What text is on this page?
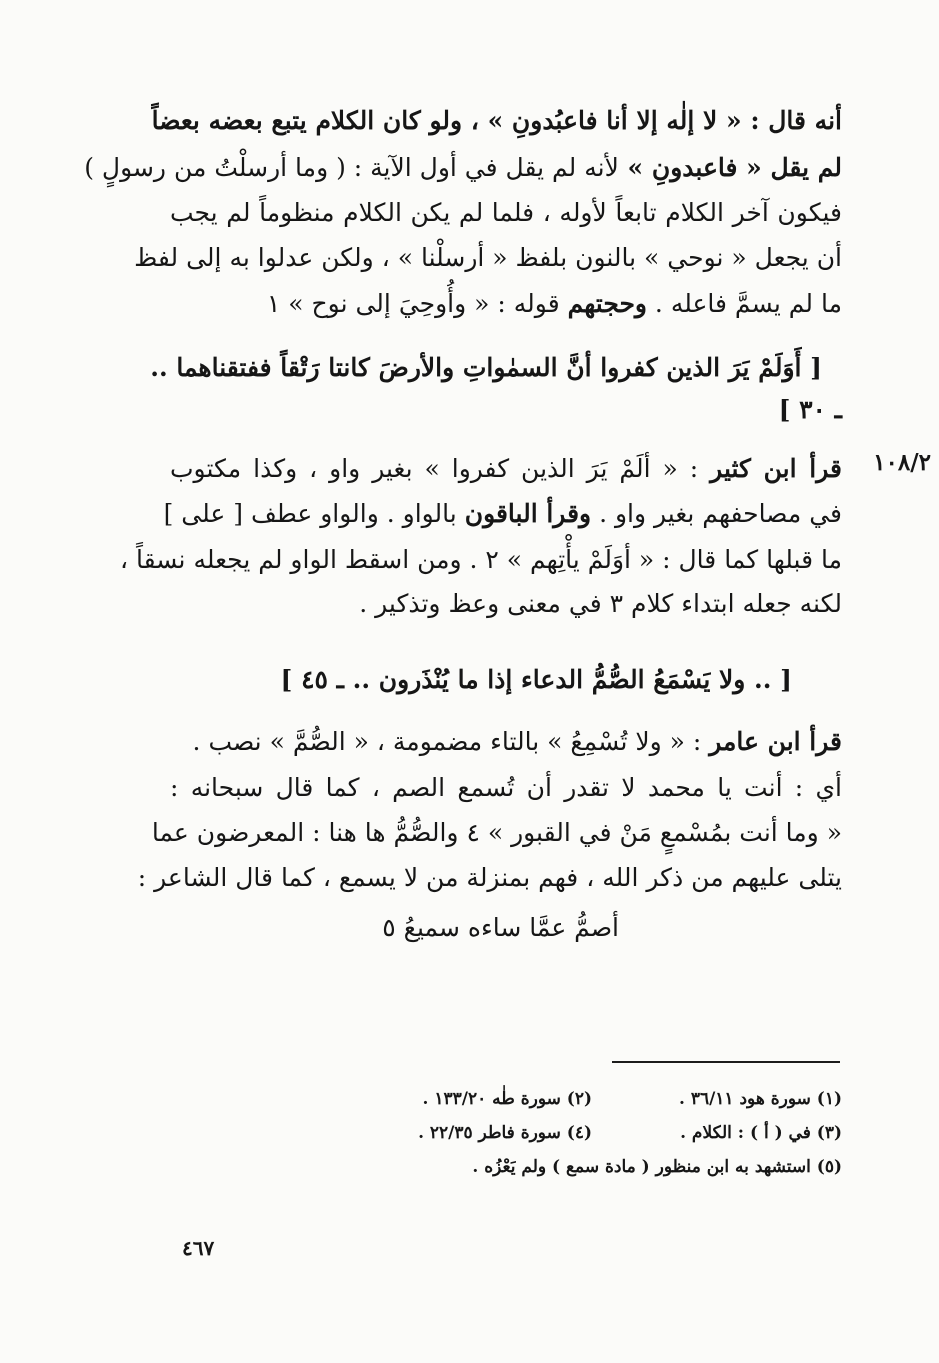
١٠٨/٢
أنه قال : « لا إلٰه إلا أنا فاعبُدونِ » ، ولو كان الكلام يتبع بعضه بعضاً
لم يقل « فاعبدونِ » لأنه لم يقل في أول الآية : ( وما أرسلْتُ من رسولٍ )
فيكون آخر الكلام تابعاً لأوله ، فلما لم يكن الكلام منظوماً لم يجب
أن يجعل « نوحي » بالنون بلفظ « أرسلْنا » ، ولكن عدلوا به إلى لفظ
ما لم يسمَّ فاعله . وحجتهم قوله : « وأُوحِيَ إلى نوح » ١
[ أَوَلَمْ يَرَ الذين كفروا أنَّ السمٰواتِ والأرضَ كانتا رَتْقاً ففتقناهما ..
ـ ٣٠ ]
قرأ ابن كثير : « ألَمْ يَرَ الذين كفروا » بغير واو ، وكذا مكتوب
في مصاحفهم بغير واو . وقرأ الباقون بالواو . والواو عطف [ على ]
ما قبلها كما قال : « أوَلَمْ يأْتِهم » ٢ . ومن اسقط الواو لم يجعله نسقاً ،
لكنه جعله ابتداء كلام ٣ في معنى وعظ وتذكير .
[ .. ولا يَسْمَعُ الصُّمُّ الدعاء إذا ما يُنْذَرون .. ـ ٤٥ ]
قرأ ابن عامر : « ولا تُسْمِعُ » بالتاء مضمومة ، « الصُّمَّ » نصب .
أي : أنت يا محمد لا تقدر أن تُسمع الصم ، كما قال سبحانه :
« وما أنت بمُسْمعٍ مَنْ في القبور » ٤ والصُّمُّ ها هنا : المعرضون عما
يتلى عليهم من ذكر الله ، فهم بمنزلة من لا يسمع ، كما قال الشاعر :
أصمُّ عمَّا ساءه سميعُ ٥
(١) سورة هود ٣٦/١١ .
(٢) سورة طٰه ١٣٣/٢٠ .
(٣) في ( أ ) : الكلام .
(٤) سورة فاطر ٢٢/٣٥ .
(٥) استشهد به ابن منظور ( مادة سمع ) ولم يَعْزُه .
٤٦٧
